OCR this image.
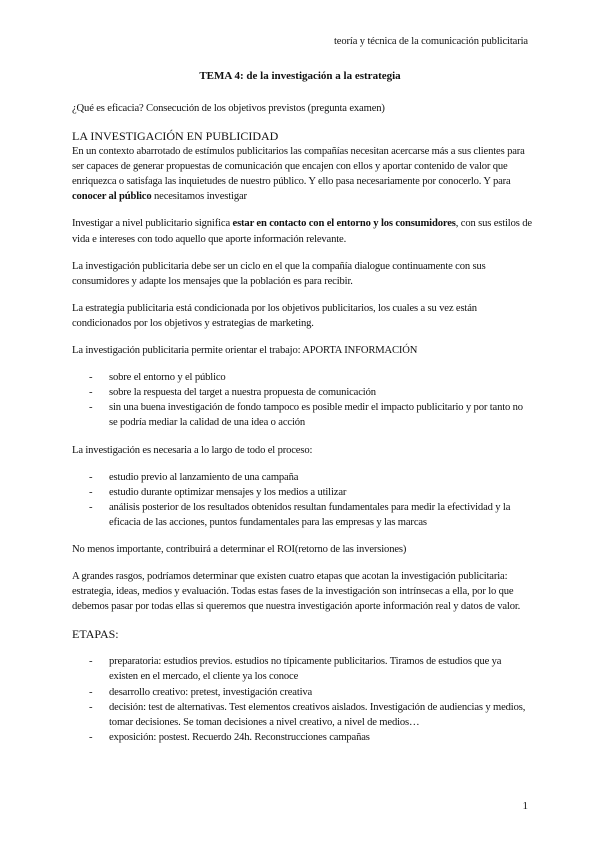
teoría y técnica de la comunicación publicitaria
TEMA 4: de la investigación a la estrategia

¿Qué es eficacia? Consecución de los objetivos previstos (pregunta examen)

LA INVESTIGACIÓN EN PUBLICIDAD

En un contexto abarrotado de estímulos publicitarios las compañías necesitan acercarse más a sus clientes para ser capaces de generar propuestas de comunicación que encajen con ellos y aportar contenido de valor que enriquezca o satisfaga las inquietudes de nuestro público. Y ello pasa necesariamente por conocerlo. Y para conocer al público necesitamos investigar

Investigar a nivel publicitario significa estar en contacto con el entorno y los consumidores, con sus estilos de vida e intereses con todo aquello que aporte información relevante.

La investigación publicitaria debe ser un ciclo en el que la compañía dialogue continuamente con sus consumidores y adapte los mensajes que la población es para recibir.

La estrategia publicitaria está condicionada por los objetivos publicitarios, los cuales a su vez están condicionados por los objetivos y estrategias de marketing.

La investigación publicitaria permite orientar el trabajo: APORTA INFORMACIÓN

- sobre el entorno y el público
- sobre la respuesta del target a nuestra propuesta de comunicación
- sin una buena investigación de fondo tampoco es posible medir el impacto publicitario y por tanto no se podría mediar la calidad de una idea o acción

La investigación es necesaria a lo largo de todo el proceso:

- estudio previo al lanzamiento de una campaña
- estudio durante optimizar mensajes y los medios a utilizar
- análisis posterior de los resultados obtenidos resultan fundamentales para medir la efectividad y la eficacia de las acciones, puntos fundamentales para las empresas y las marcas

No menos importante, contribuirá a determinar el ROI(retorno de las inversiones)

A grandes rasgos, podríamos determinar que existen cuatro etapas que acotan la investigación publicitaria: estrategia, ideas, medios y evaluación. Todas estas fases de la investigación son intrínsecas a ella, por lo que debemos pasar por todas ellas si queremos que nuestra investigación aporte información real y datos de valor.

ETAPAS:

- preparatoria: estudios previos. estudios no típicamente publicitarios. Tiramos de estudios que ya existen en el mercado, el cliente ya los conoce
- desarrollo creativo: pretest, investigación creativa
- decisión: test de alternativas. Test elementos creativos aislados. Investigación de audiencias y medios, tomar decisiones. Se toman decisiones a nivel creativo, a nivel de medios…
- exposición: postest. Recuerdo 24h. Reconstrucciones campañas
1
